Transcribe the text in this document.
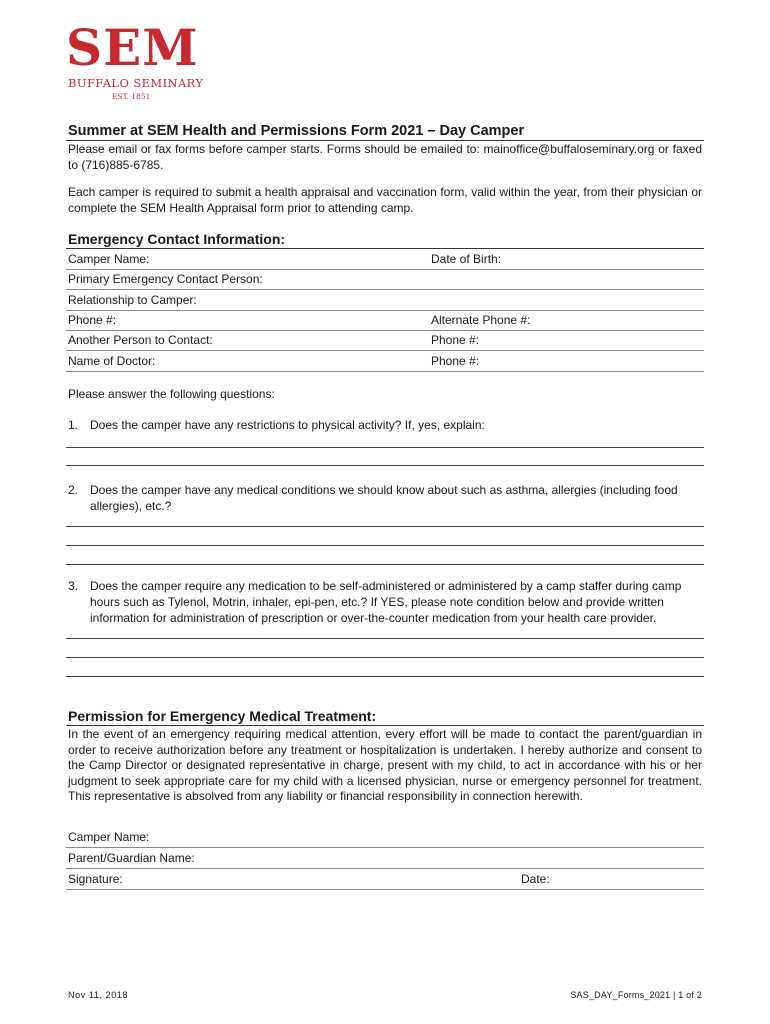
SEM
BUFFALO SEMINARY
EST. 1851
Summer at SEM Health and Permissions Form 2021 – Day Camper
Please email or fax forms before camper starts. Forms should be emailed to: mainoffice@buffaloseminary.org or faxed to (716)885-6785.
Each camper is required to submit a health appraisal and vaccination form, valid within the year, from their physician or complete the SEM Health Appraisal form prior to attending camp.
Emergency Contact Information:
Camper Name:	Date of Birth:
Primary Emergency Contact Person:
Relationship to Camper:
Phone #:	Alternate Phone #:
Another Person to Contact:	Phone #:
Name of Doctor:	Phone #:
Please answer the following questions:
1. Does the camper have any restrictions to physical activity? If, yes, explain:
2. Does the camper have any medical conditions we should know about such as asthma, allergies (including food allergies), etc.?
3. Does the camper require any medication to be self-administered or administered by a camp staffer during camp hours such as Tylenol, Motrin, inhaler, epi-pen, etc.? If YES, please note condition below and provide written information for administration of prescription or over-the-counter medication from your health care provider.
Permission for Emergency Medical Treatment:
In the event of an emergency requiring medical attention, every effort will be made to contact the parent/guardian in order to receive authorization before any treatment or hospitalization is undertaken. I hereby authorize and consent to the Camp Director or designated representative in charge, present with my child, to act in accordance with his or her judgment to seek appropriate care for my child with a licensed physician, nurse or emergency personnel for treatment. This representative is absolved from any liability or financial responsibility in connection herewith.
Camper Name:
Parent/Guardian Name:
Signature:	Date:
Nov 11, 2018	SAS_DAY_Forms_2021 | 1 of 2
